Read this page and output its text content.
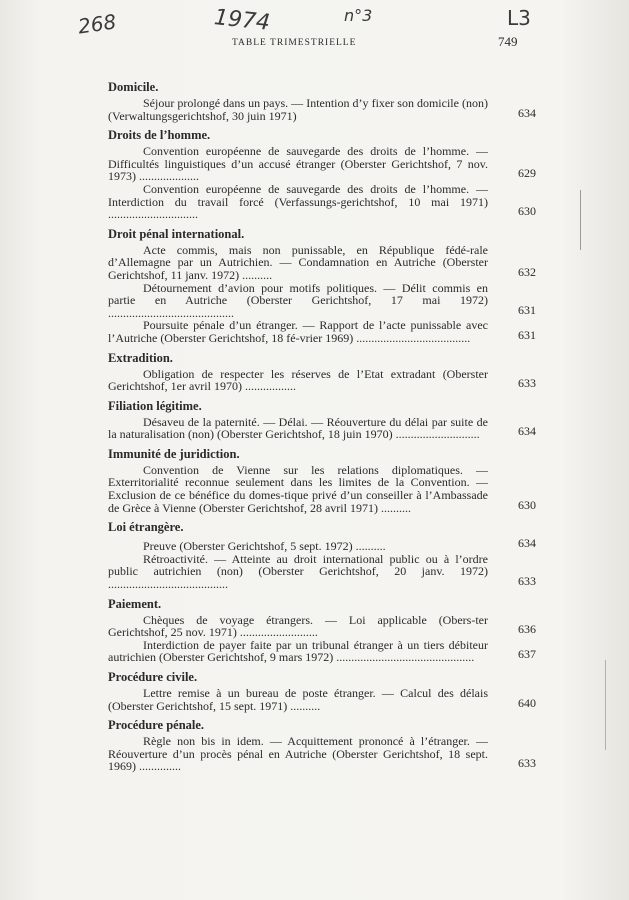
268	1974	n°3	L3
TABLE TRIMESTRIELLE	749
Domicile.
Séjour prolongé dans un pays. — Intention d’y fixer son domicile (non) (Verwaltungsgerichtshof, 30 juin 1971)	634
Droits de l’homme.
Convention européenne de sauvegarde des droits de l’homme. — Difficultés linguistiques d’un accusé étranger (Oberster Gerichtshof, 7 nov. 1973) ....................	629
Convention européenne de sauvegarde des droits de l’homme. — Interdiction du travail forcé (Verfassungs-gerichtshof, 10 mai 1971) ..............................	630
Droit pénal international.
Acte commis, mais non punissable, en République fédé-rale d’Allemagne par un Autrichien. — Condamnation en Autriche (Oberster Gerichtshof, 11 janv. 1972) ..........	632
Détournement d’avion pour motifs politiques. — Délit commis en partie en Autriche (Oberster Gerichtshof, 17 mai 1972) ..........................................	631
Poursuite pénale d’un étranger. — Rapport de l’acte punissable avec l’Autriche (Oberster Gerichtshof, 18 fé-vrier 1969) ......................................	631
Extradition.
Obligation de respecter les réserves de l’Etat extradant (Oberster Gerichtshof, 1er avril 1970) .................	633
Filiation légitime.
Désaveu de la paternité. — Délai. — Réouverture du délai par suite de la naturalisation (non) (Oberster Gerichtshof, 18 juin 1970) ............................	634
Immunité de juridiction.
Convention de Vienne sur les relations diplomatiques. — Exterritorialité reconnue seulement dans les limites de la Convention. — Exclusion de ce bénéfice du domes-tique privé d’un conseiller à l’Ambassade de Grèce à Vienne (Oberster Gerichtshof, 28 avril 1971) ..........	630
Loi étrangère.
Preuve (Oberster Gerichtshof, 5 sept. 1972) ..........	634
Rétroactivité. — Atteinte au droit international public ou à l’ordre public autrichien (non) (Oberster Gerichtshof, 20 janv. 1972) ........................................	633
Paiement.
Chèques de voyage étrangers. — Loi applicable (Obers-ter Gerichtshof, 25 nov. 1971) ..........................	636
Interdiction de payer faite par un tribunal étranger à un tiers débiteur autrichien (Oberster Gerichtshof, 9 mars 1972) ..............................................	637
Procédure civile.
Lettre remise à un bureau de poste étranger. — Calcul des délais (Oberster Gerichtshof, 15 sept. 1971) ..........	640
Procédure pénale.
Règle non bis in idem. — Acquittement prononcé à l’étranger. — Réouverture d’un procès pénal en Autriche (Oberster Gerichtshof, 18 sept. 1969) ..............	633
